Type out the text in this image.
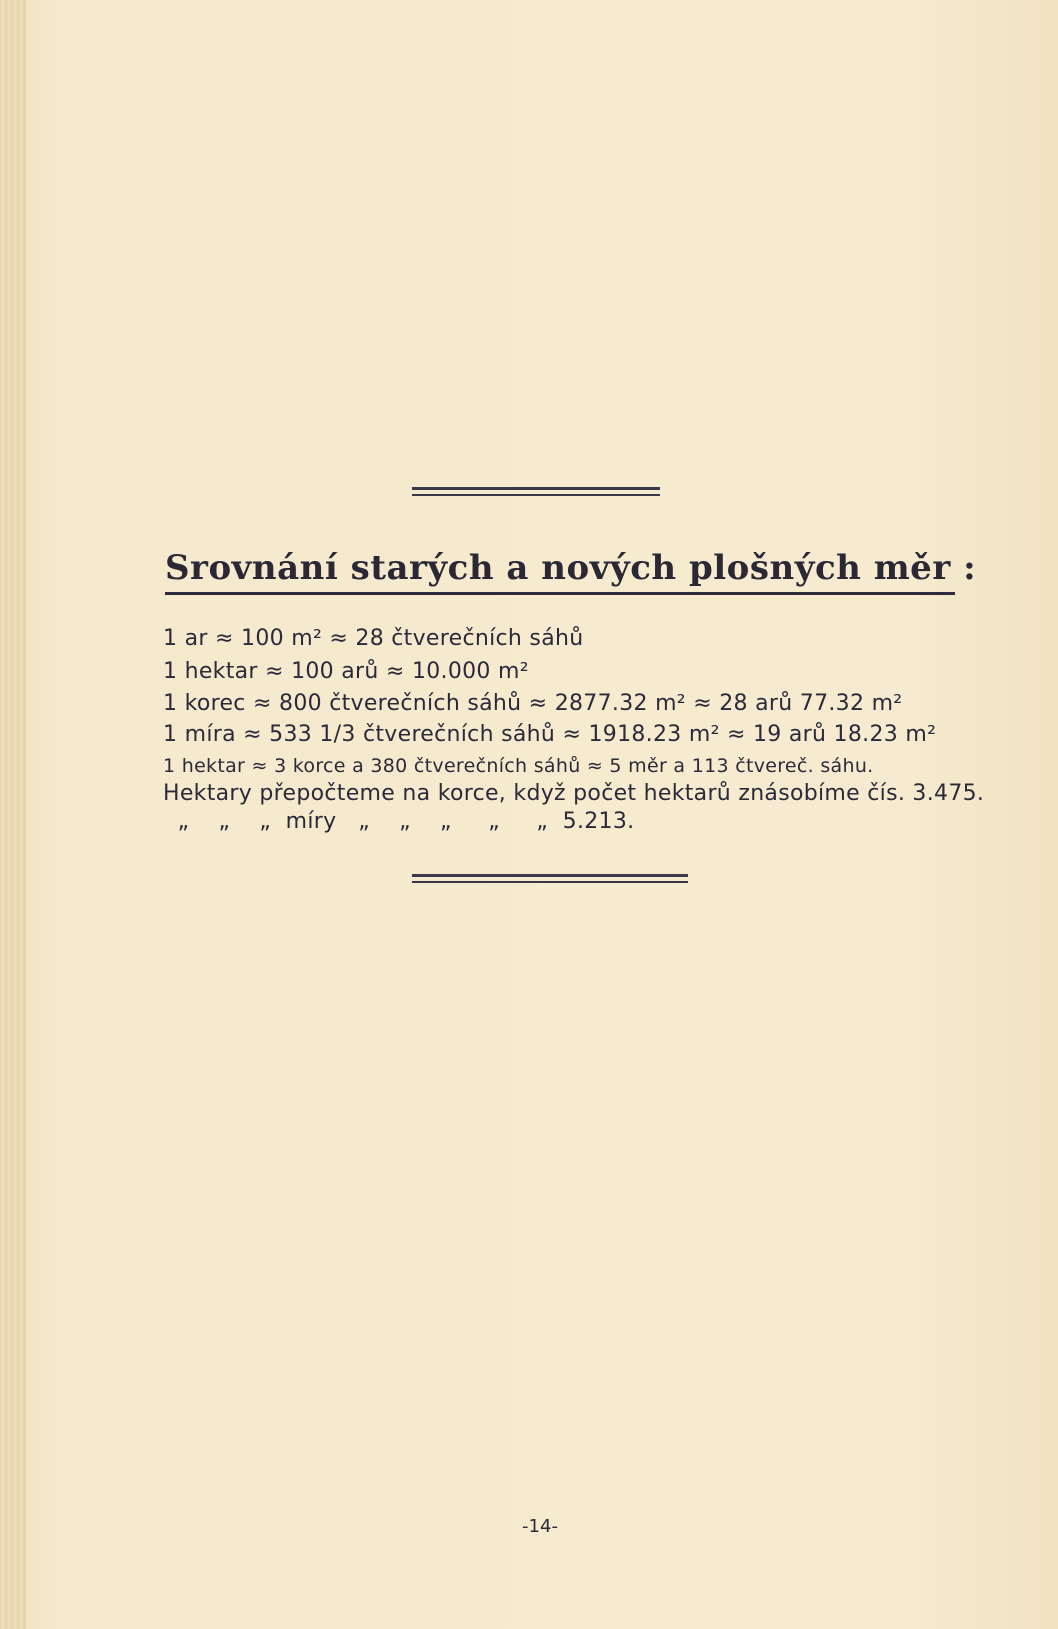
Srovnání starých a nových plošných měr :
1 ar ≈ 100 m² ≈ 28 čtverečních sáhů
1 hektar ≈ 100 arů ≈ 10.000 m²
1 korec ≈ 800 čtverečních sáhů ≈ 2877.32 m² ≈ 28 arů 77.32 m²
1 míra ≈ 533 1/3 čtverečních sáhů ≈ 1918.23 m² ≈ 19 arů 18.23 m²
1 hektar ≈ 3 korce a 380 čtverečních sáhů ≈ 5 měr a 113 čtvereč. sáhu.
Hektary přepočteme na korce, když počet hektarů znásobíme čís. 3.475.
„    „    „  míry   „    „    „     „     „  5.213.
-14-
